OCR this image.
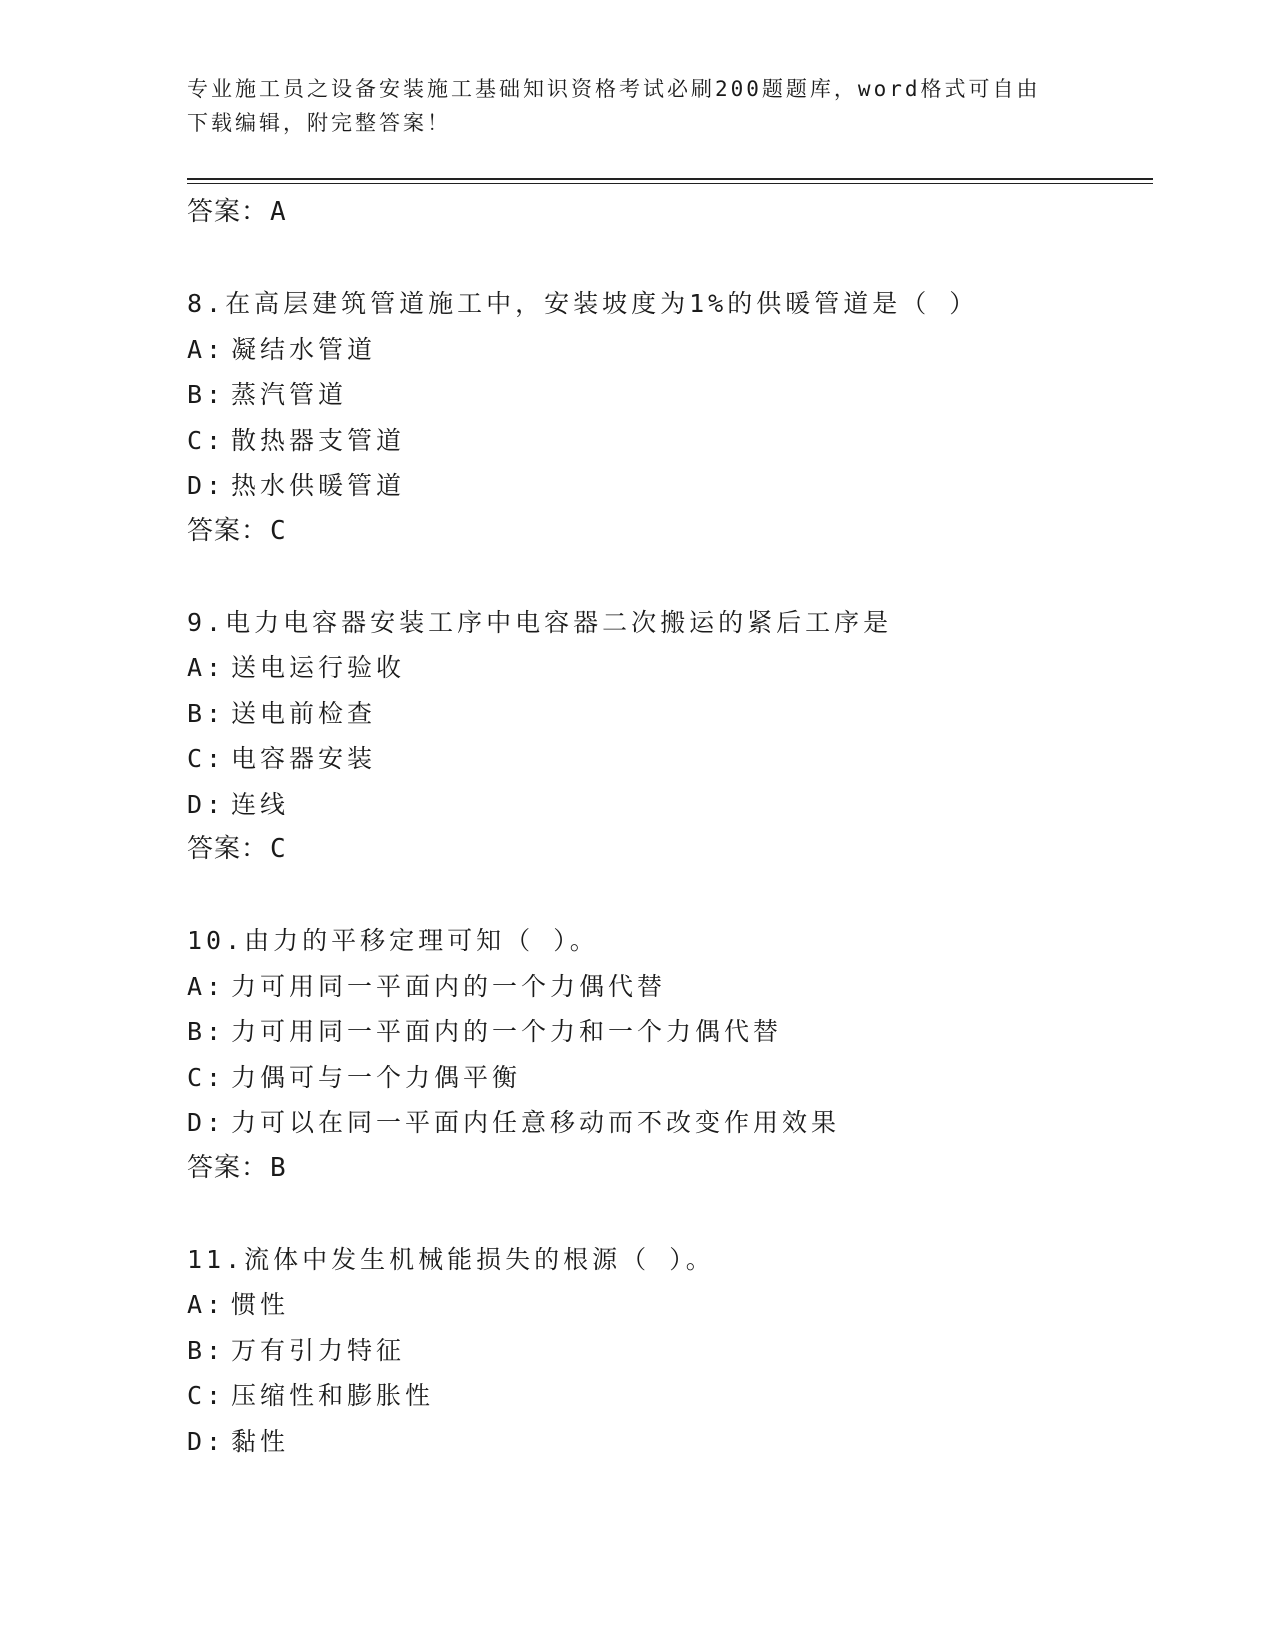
专业施工员之设备安装施工基础知识资格考试必刷200题题库，word格式可自由
下载编辑，附完整答案！
答案：A
8.在高层建筑管道施工中，安装坡度为1%的供暖管道是（ ）
A: 凝结水管道
B: 蒸汽管道
C: 散热器支管道
D: 热水供暖管道
答案：C
9.电力电容器安装工序中电容器二次搬运的紧后工序是
A: 送电运行验收
B: 送电前检查
C: 电容器安装
D: 连线
答案：C
10.由力的平移定理可知（ ）。
A: 力可用同一平面内的一个力偶代替
B: 力可用同一平面内的一个力和一个力偶代替
C: 力偶可与一个力偶平衡
D: 力可以在同一平面内任意移动而不改变作用效果
答案：B
11.流体中发生机械能损失的根源（ ）。
A: 惯性
B: 万有引力特征
C: 压缩性和膨胀性
D: 黏性
